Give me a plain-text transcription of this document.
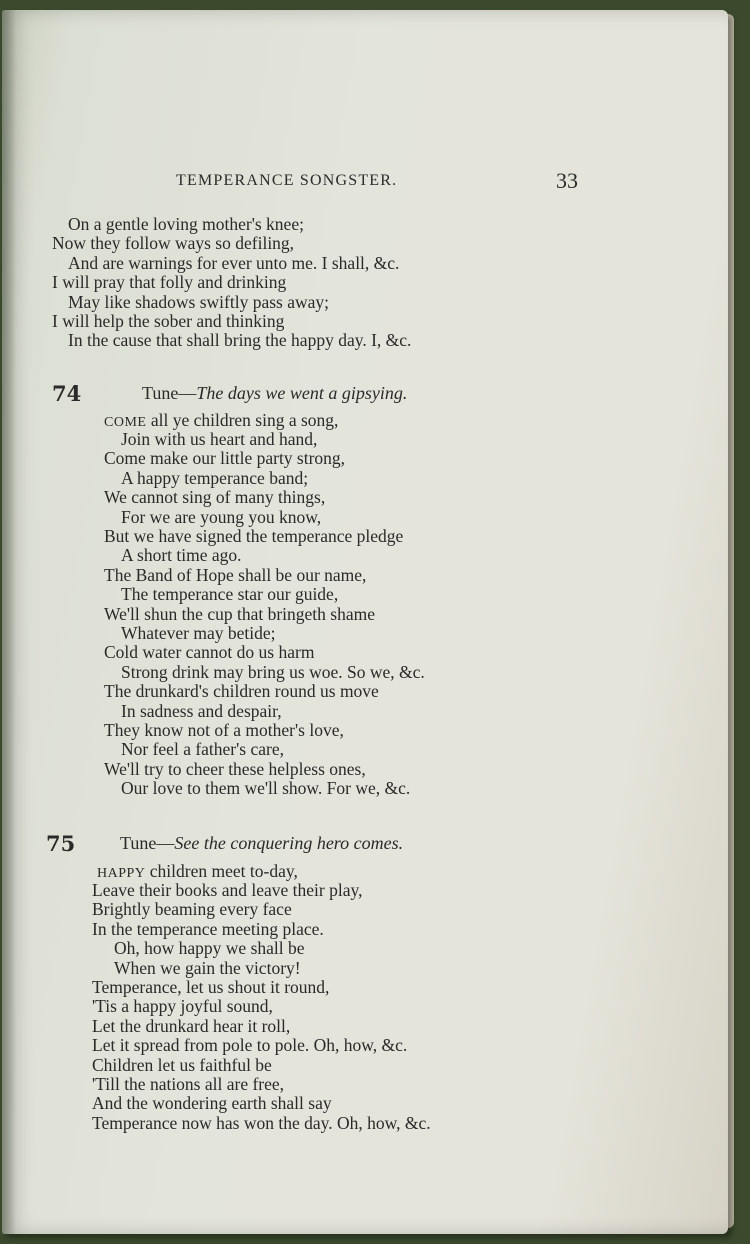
TEMPERANCE SONGSTER.	33
On a gentle loving mother's knee;
Now they follow ways so defiling,
And are warnings for ever unto me. I shall, &c.
I will pray that folly and drinking
May like shadows swiftly pass away;
I will help the sober and thinking
In the cause that shall bring the happy day. I, &c.
74	Tune—The days we went a gipsying.
COME all ye children sing a song,
Join with us heart and hand,
Come make our little party strong,
A happy temperance band;
We cannot sing of many things,
For we are young you know,
But we have signed the temperance pledge
A short time ago.
The Band of Hope shall be our name,
The temperance star our guide,
We'll shun the cup that bringeth shame
Whatever may betide;
Cold water cannot do us harm
Strong drink may bring us woe. So we, &c.
The drunkard's children round us move
In sadness and despair,
They know not of a mother's love,
Nor feel a father's care,
We'll try to cheer these helpless ones,
Our love to them we'll show. For we, &c.
75 Tune—See the conquering hero comes.
HAPPY children meet to-day,
Leave their books and leave their play,
Brightly beaming every face
In the temperance meeting place.
Oh, how happy we shall be
When we gain the victory!
Temperance, let us shout it round,
'Tis a happy joyful sound,
Let the drunkard hear it roll,
Let it spread from pole to pole. Oh, how, &c.
Children let us faithful be
'Till the nations all are free,
And the wondering earth shall say
Temperance now has won the day. Oh, how, &c.
